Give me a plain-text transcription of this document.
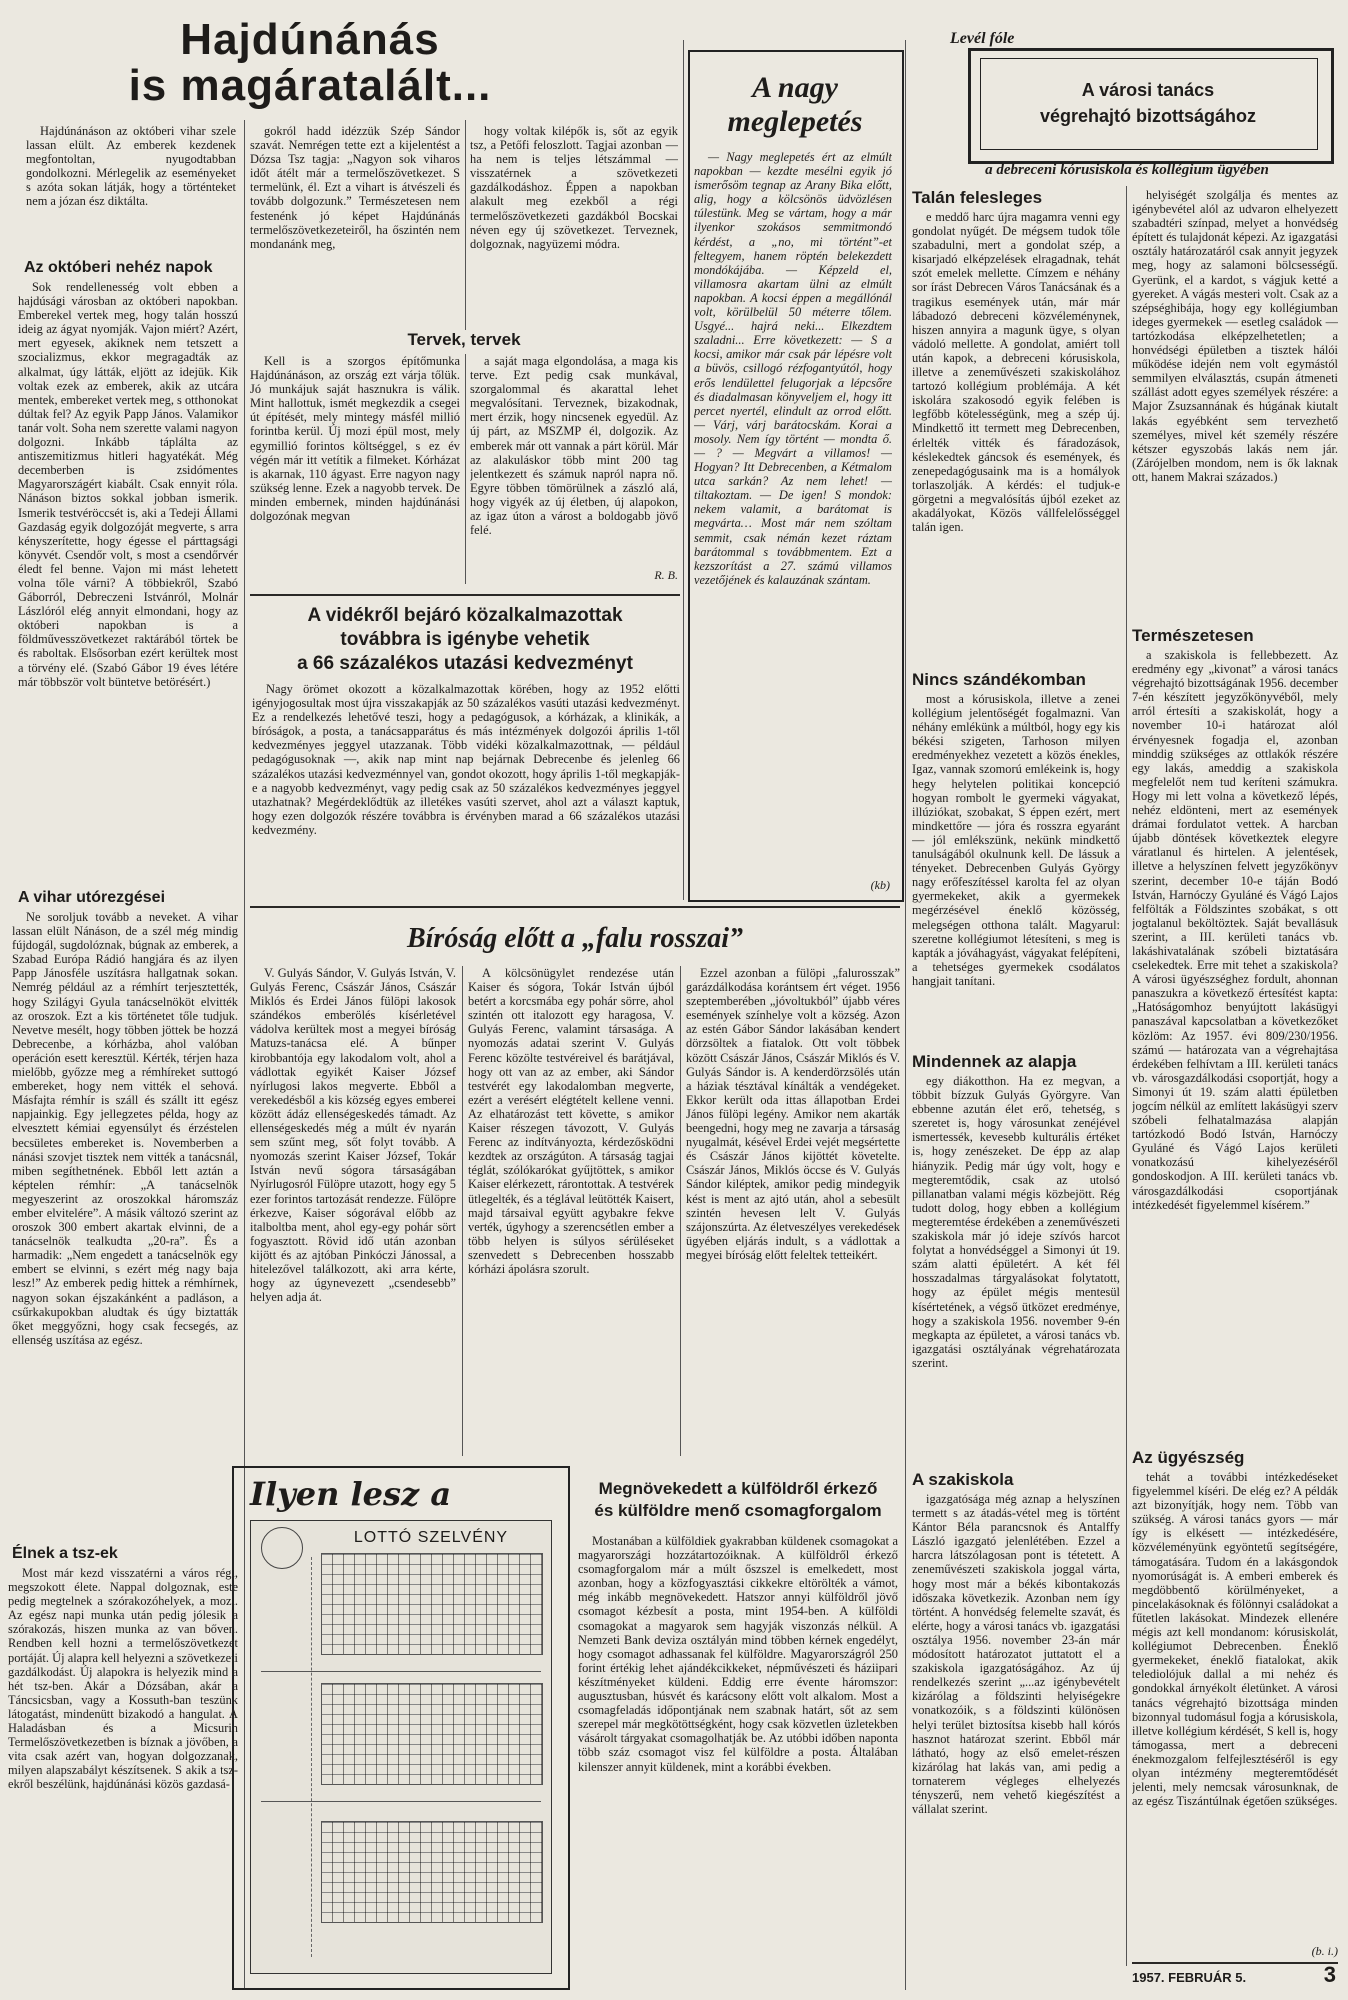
Hajdúnánás
is magáratalált...

Hajdúnánáson az októberi vihar szele lassan elült. Az emberek kezdenek megfontoltan, nyugodtabban gondolkozni. Mérlegelik az eseményeket s azóta sokan látják, hogy a történteket nem a józan ész diktálta.

Az októberi nehéz napok

Sok rendellenesség volt ebben a hajdúsági városban az októberi napokban. Emberekel vertek meg, hogy talán hosszú ideig az ágyat nyomják. Vajon miért? Azért, mert egyesek, akiknek nem tetszett a szocializmus, ekkor megragadták az alkalmat, úgy látták, eljött az idejük. Kik voltak ezek az emberek, akik az utcára mentek, embereket vertek meg, s otthonokat dúltak fel? Az egyik Papp János. Valamikor tanár volt. Soha nem szerette valami nagyon dolgozni. Inkább táplálta az antiszemitizmus hitleri hagyatékát. Még decemberben is zsidómentes Magyarországért kiabált. Csak ennyit róla. Nánáson biztos sokkal jobban ismerik. Ismerik testvéröccsét is, aki a Tedeji Állami Gazdaság egyik dolgozóját megverte, s arra kényszerítette, hogy égesse el párttagsági könyvét. Csendőr volt, s most a csendőrvér éledt fel benne. Vajon mi mást lehetett volna tőle várni? A többiekről, Szabó Gáborról, Debreczeni Istvánról, Molnár Lászlóról elég annyit elmondani, hogy az októberi napokban is a földművesszövetkezet raktárából törtek be és raboltak. Elsősorban ezért kerültek most a törvény elé. (Szabó Gábor 19 éves létére már többször volt büntetve betörésért.)

A vihar utórezgései

Ne soroljuk tovább a neveket. A vihar lassan elült Nánáson, de a szél még mindig fújdogál, sugdolóznak, búgnak az emberek, a Szabad Európa Rádió hangjára és az ilyen Papp Jánosféle uszításra hallgatnak sokan. Nemrég például az a rémhírt terjesztették, hogy Szilágyi Gyula tanácselnököt elvitték az oroszok. Ezt a kis történetet tőle tudjuk. Nevetve mesélt, hogy többen jöttek be hozzá Debrecenbe, a kórházba, ahol valóban operáción esett keresztül. Kérték, térjen haza mielőbb, győzze meg a rémhíreket suttogó embereket, hogy nem vitték el sehová. Másfajta rémhír is száll és szállt itt egész napjainkig. Egy jellegzetes példa, hogy az elvesztett kémiai egyensúlyt és érzéstelen becsületes embereket is. Novemberben a nánási szovjet tisztek nem vitték a tanácsnál, miben segíthetnének. Ebből lett aztán a képtelen rémhír: „A tanácselnök megyeszerint az oroszokkal háromszáz ember elvitelére”. A másik változó szerint az oroszok 300 embert akartak elvinni, de a tanácselnök tealkudta „20-ra”. És a harmadik: „Nem engedett a tanácselnök egy embert se elvinni, s ezért még nagy baja lesz!” Az emberek pedig hittek a rémhírnek, nagyon sokan éjszakánként a padláson, a csűrkakupokban aludtak és úgy biztatták őket meggyőzni, hogy csak fecsegés, az ellenség uszítása az egész.

Élnek a tsz-ek

Most már kezd visszatérni a város régi, megszokott élete. Nappal dolgoznak, este pedig megtelnek a szórakozóhelyek, a mozi. Az egész napi munka után pedig jólesik a szórakozás, hiszen munka az van bőven. Rendben kell hozni a termelőszövetkezet portáját. Új alapra kell helyezni a szövetkezeti gazdálkodást. Új alapokra is helyezik mind a hét tsz-ben. Akár a Dózsában, akár a Táncsicsban, vagy a Kossuth-ban teszünk látogatást, mindenütt bizakodó a hangulat. A Haladásban és a Micsurin Termelőszövetkezetben is bíznak a jövőben, a vita csak azért van, hogyan dolgozzanak, milyen alapszabályt készítsenek. S akik a tsz-ekről beszélünk, hajdúnánási közös gazdasá-

gokról hadd idézzük Szép Sándor szavát. Nemrégen tette ezt a kijelentést a Dózsa Tsz tagja: „Nagyon sok viharos időt átélt már a termelőszövetkezet. S termelünk, él. Ezt a vihart is átvészeli és tovább dolgozunk.” Természetesen nem festenénk jó képet Hajdúnánás termelőszövetkezeteiről, ha őszintén nem mondanánk meg,

hogy voltak kilépők is, sőt az egyik tsz, a Petőfi feloszlott. Tagjai azonban — ha nem is teljes létszámmal — visszatérnek a szövetkezeti gazdálkodáshoz. Éppen a napokban alakult meg ezekből a régi termelőszövetkezeti gazdákból Bocskai néven egy új szövetkezet. Terveznek, dolgoznak, nagyüzemi módra.

Tervek, tervek

Kell is a szorgos építőmunka Hajdúnánáson, az ország ezt várja tőlük. Jó munkájuk saját hasznukra is válik. Mint hallottuk, ismét megkezdik a csegei út építését, mely mintegy másfél millió forintba kerül. Új mozi épül most, mely egymillió forintos költséggel, s ez év végén már itt vetítik a filmeket. Kórházat is akarnak, 110 ágyast. Erre nagyon nagy szükség lenne. Ezek a nagyobb tervek. De minden embernek, minden hajdúnánási dolgozónak megvan

a saját maga elgondolása, a maga kis terve. Ezt pedig csak munkával, szorgalommal és akarattal lehet megvalósítani. Terveznek, bizakodnak, mert érzik, hogy nincsenek egyedül. Az új párt, az MSZMP él, dolgozik. Az emberek már ott vannak a párt körül. Már az alakuláskor több mint 200 tag jelentkezett és számuk napról napra nő. Egyre többen tömörülnek a zászló alá, hogy vigyék az új életben, új alapokon, az igaz úton a várost a boldogabb jövő felé.

R. B.
A nagy
meglepetés

— Nagy meglepetés ért az elmúlt napokban — kezdte mesélni egyik jó ismerősöm tegnap az Arany Bika előtt, alig, hogy a kölcsönös üdvözlésen túlestünk. Meg se vártam, hogy a már ilyenkor szokásos semmitmondó kérdést, a „no, mi történt”-et feltegyem, hanem röptén belekezdett mondókájába. — Képzeld el, villamosra akartam ülni az elmúlt napokban. A kocsi éppen a megállónál volt, körülbelül 50 méterre tőlem. Usgyé... hajrá neki... Elkezdtem szaladni... Erre következett: — S a kocsi, amikor már csak pár lépésre volt a büvös, csillogó rézfogantyútól, hogy erős lendülettel felugorjak a lépcsőre és diadalmasan könyveljem el, hogy itt percet nyertél, elindult az orrod előtt. — Várj, várj barátocskám. Korai a mosoly. Nem így történt — mondta ő. — ? — Megvárt a villamos! — Hogyan? Itt Debrecenben, a Kétmalom utca sarkán? Az nem lehet! — tiltakoztam. — De igen! S mondok: nekem valamit, a barátomat is megvárta… Most már nem szóltam semmit, csak némán kezet ráztam barátommal s továbbmentem. Ezt a kezszorítást a 27. számú villamos vezetőjének és kalauzának szántam.

(kb)
A vidékről bejáró közalkalmazottak
továbbra is igénybe vehetik
a 66 százalékos utazási kedvezményt

Nagy örömet okozott a közalkalmazottak körében, hogy az 1952 előtti igényjogosultak most újra visszakapják az 50 százalékos vasúti utazási kedvezményt. Ez a rendelkezés lehetővé teszi, hogy a pedagógusok, a kórházak, a klinikák, a bíróságok, a posta, a tanácsapparátus és más intézmények dolgozói április 1-től kedvezményes jeggyel utazzanak. Több vidéki közalkalmazottnak, — például pedagógusoknak —, akik nap mint nap bejárnak Debrecenbe és jelenleg 66 százalékos utazási kedvezménnyel van, gondot okozott, hogy április 1-től megkapják-e a nagyobb kedvezményt, vagy pedig csak az 50 százalékos kedvezményes jeggyel utazhatnak? Megérdeklődtük az illetékes vasúti szervet, ahol azt a választ kaptuk, hogy ezen dolgozók részére továbbra is érvényben marad a 66 százalékos utazási kedvezmény.

Bíróság előtt a „falu rosszai”

V. Gulyás Sándor, V. Gulyás István, V. Gulyás Ferenc, Császár János, Császár Miklós és Erdei János fülöpi lakosok szándékos emberölés kísérletével vádolva kerültek most a megyei bíróság Matuzs-tanácsa elé. A bűnper kirobbantója egy lakodalom volt, ahol a vádlottak egyikét Kaiser József nyírlugosi lakos megverte. Ebből a verekedésből a kis község egyes emberei között ádáz ellenségeskedés támadt. Az ellenségeskedés még a múlt év nyarán sem szűnt meg, sőt folyt tovább. A nyomozás szerint Kaiser József, Tokár István nevű sógora társaságában Nyírlugosról Fülöpre utazott, hogy egy 5 ezer forintos tartozását rendezze. Fülöpre érkezve, Kaiser sógorával előbb az italboltba ment, ahol egy-egy pohár sört fogyasztott. Rövid idő után azonban kijött és az ajtóban Pinkóczi Jánossal, a hitelezővel találkozott, aki arra kérte, hogy az úgynevezett „csendesebb” helyen adja át.

A kölcsönügylet rendezése után Kaiser és sógora, Tokár István újból betért a korcsmába egy pohár sörre, ahol szintén ott italozott egy haragosa, V. Gulyás Ferenc, valamint társasága. A nyomozás adatai szerint V. Gulyás Ferenc közölte testvéreivel és barátjával, hogy ott van az az ember, aki Sándor testvérét egy lakodalomban megverte, ezért a verésért elégtételt kellene venni. Az elhatározást tett követte, s amikor Kaiser részegen távozott, V. Gulyás Ferenc az indítványozta, kérdezősködni kezdtek az országúton. A társaság tagjai téglát, szólókarókat gyűjtöttek, s amikor Kaiser elérkezett, rárontottak. A testvérek ütlegelték, és a téglával leütötték Kaisert, majd társaival együtt agybakre fekve verték, úgyhogy a szerencsétlen ember a több helyen is súlyos sérüléseket szenvedett s Debrecenben hosszabb kórházi ápolásra szorult.

Ezzel azonban a fülöpi „falurosszak” garázdálkodása korántsem ért véget. 1956 szeptemberében „jóvoltukból” újabb véres események színhelye volt a község. Azon az estén Gábor Sándor lakásában kendert dörzsöltek a fiatalok. Ott volt többek között Császár János, Császár Miklós és V. Gulyás Sándor is. A kenderdörzsölés után a háziak tésztával kínálták a vendégeket. Ekkor került oda ittas állapotban Erdei János fülöpi legény. Amikor nem akarták beengedni, hogy meg ne zavarja a társaság nyugalmát, késével Erdei vejét megsértette és Császár János kijöttét követelte. Császár János, Miklós öccse és V. Gulyás Sándor kiléptek, amikor pedig mindegyik kést is ment az ajtó után, ahol a sebesült szintén hevesen lelt V. Gulyás szájonszúrta. Az életveszélyes verekedések ügyében eljárás indult, s a vádlottak a megyei bíróság előtt feleltek tetteikért.

Ilyen lesz a
LOTTÓ SZELVÉNY
Megnövekedett a külföldről érkező
és külföldre menő csomagforgalom

Mostanában a külföldiek gyakrabban küldenek csomagokat a magyarországi hozzátartozóiknak. A külföldről érkező csomagforgalom már a múlt őszszel is emelkedett, most azonban, hogy a közfogyasztási cikkekre eltörölték a vámot, még inkább megnövekedett. Hatszor annyi külföldről jövő csomagot kézbesít a posta, mint 1954-ben. A külföldi csomagokat a magyarok sem hagyják viszonzás nélkül. A Nemzeti Bank deviza osztályán mind többen kérnek engedélyt, hogy csomagot adhassanak fel külföldre. Magyarországról 250 forint értékig lehet ajándékcikkeket, népművészeti és háziipari készítményeket küldeni. Eddig erre évente háromszor: augusztusban, húsvét és karácsony előtt volt alkalom. Most a csomagfeladás időpontjának nem szabnak határt, sőt az sem szerepel már megkötöttségként, hogy csak közvetlen üzletekben vásárolt tárgyakat csomagolhatják be. Az utóbbi időben naponta több száz csomagot visz fel külföldre a posta. Általában kilenszer annyit küldenek, mint a korábbi években.

Levél fóle
A városi tanács
végrehajtó bizottságához
a debreceni kórusiskola és kollégium ügyében
Talán felesleges

e meddő harc újra magamra venni egy gondolat nyűgét. De mégsem tudok tőle szabadulni, mert a gondolat szép, a kisarjadó elképzelések elragadnak, tehát szót emelek mellette. Címzem e néhány sor írást Debrecen Város Tanácsának és a tragikus események után, már már lábadozó debreceni közvéleménynek, hiszen annyira a magunk ügye, s olyan vádoló mellette. A gondolat, amiért toll után kapok, a debreceni kórusiskola, illetve a zeneművészeti szakiskolához tartozó kollégium problémája. A két iskolára szakosodó egyik felében is legfőbb kötelességünk, meg a szép új. Mindkettő itt termett meg Debrecenben, érlelték vitték és fáradozások, késlekedtek gáncsok és események, és zenepedagógusaink ma is a homályok torlaszolják. A kérdés: el tudjuk-e görgetni a megvalósítás újból ezeket az akadályokat, Közös vállfelelősséggel talán igen.

Nincs szándékomban

most a kórusiskola, illetve a zenei kollégium jelentőségét fogalmazni. Van néhány emlékünk a múltból, hogy egy kis békési szigeten, Tarhoson milyen eredményekhez vezetett a közös énekles, Igaz, vannak szomorú emlékeink is, hogy hegy helytelen politikai koncepció hogyan rombolt le gyermeki vágyakat, illúziókat, szobakat, S éppen ezért, mert mindkettőre — jóra és rosszra egyaránt — jól emlékszünk, nekünk mindkettő tanulságából okulnunk kell. De lássuk a tényeket. Debrecenben Gulyás György nagy erőfeszítéssel karolta fel az olyan gyermekeket, akik a gyermekek megérzésével éneklő közösség, melegségen otthona talált. Magyarul: szeretne kollégiumot létesíteni, s meg is kapták a jóváhagyást, vágyakat felépíteni, a tehetséges gyermekek csodálatos hangjait tanítani.

Mindennek az alapja

egy diákotthon. Ha ez megvan, a többit bízzuk Gulyás Györgyre. Van ebbenne azután élet erő, tehetség, s szeretet is, hogy városunkat zenéjével ismertessék, kevesebb kulturális értéket is, hogy zenészeket. De épp az alap hiányzik. Pedig már úgy volt, hogy e megteremtődik, csak az utolsó pillanatban valami mégis közbejött. Rég tudott dolog, hogy ebben a kollégium megteremtése érdekében a zeneművészeti szakiskola már jó ideje szívós harcot folytat a honvédséggel a Simonyi út 19. szám alatti épületért. A két fél hosszadalmas tárgyalásokat folytatott, hogy az épület mégis mentesül kísértetének, a végső ütközet eredménye, hogy a szakiskola 1956. november 9-én megkapta az épületet, a városi tanács vb. igazgatási osztályának végrehatározata szerint.

A szakiskola

igazgatósága még aznap a helyszínen termett s az átadás-vétel meg is történt Kántor Béla parancsnok és Antalffy László igazgató jelenlétében. Ezzel a harcra látszólagosan pont is tétetett. A zeneművészeti szakiskola joggal várta, hogy most már a békés kibontakozás időszaka következik. Azonban nem így történt. A honvédség felemelte szavát, és elérte, hogy a városi tanács vb. igazgatási osztálya 1956. november 23-án már módosított határozatot juttatott el a szakiskola igazgatóságához. Az új rendelkezés szerint „...az igénybevételt kizárólag a földszinti helyiségekre vonatkozóik, s a földszinti különösen helyi terület biztosítsa kisebb hall kórós hasznot határozat szerint. Ebből már látható, hogy az első emelet-részen kizárólag hat lakás van, ami pedig a tornaterem végleges elhelyezés tényszerű, nem vehető kiegészítést a vállalat szerint.

helyiségét szolgálja és mentes az igénybevétel alól az udvaron elhelyezett szabadtéri színpad, melyet a honvédség épített és tulajdonát képezi. Az igazgatási osztály határozatáról csak annyit jegyzek meg, hogy az salamoni bölcsességű. Gyerünk, el a kardot, s vágjuk ketté a gyereket. A vágás mesteri volt. Csak az a szépséghibája, hogy egy kollégiumban ideges gyermekek — esetleg családok — tartózkodása elképzelhetetlen; a honvédségi épületben a tisztek hálói működése idején nem volt egymástól semmilyen elválasztás, csupán átmeneti szállást adott egyes személyek részére: a Major Zsuzsannának és húgának kiutalt lakás egyébként sem tervezhető személyes, mivel két személy részére kétszer egyszobás lakás nem jár. (Zárójelben mondom, nem is ők laknak ott, hanem Makrai százados.)

Természetesen

a szakiskola is fellebbezett. Az eredmény egy „kivonat” a városi tanács végrehajtó bizottságának 1956. december 7-én készített jegyzőkönyvéből, mely arról értesíti a szakiskolát, hogy a november 10-i határozat alól érvényesnek fogadja el, azonban minddig szükséges az ottlakók részére egy lakás, ameddig a szakiskola megfelelőt nem tud keríteni számukra. Hogy mi lett volna a következő lépés, nehéz eldönteni, mert az események drámai fordulatot vettek. A harcban újabb döntések következtek elegyre váratlanul és hirtelen. A jelentések, illetve a helyszínen felvett jegyzőkönyv szerint, december 10-e táján Bodó István, Harnóczy Gyuláné és Vágó Lajos felfölták a Földszintes szobákat, s ott jogtalanul beköltöztek. Saját bevallásuk szerint, a III. kerületi tanács vb. lakáshivatalának szóbeli biztatására cselekedtek. Erre mit tehet a szakiskola? A városi ügyészséghez fordult, ahonnan panaszukra a következő értesítést kapta: „Hatóságomhoz benyújtott lakásügyi panaszával kapcsolatban a következőket közlöm: Az 1957. évi 809/230/1956. számú — határozata van a végrehajtása érdekében felhívtam a III. kerületi tanács vb. városgazdálkodási csoportját, hogy a Simonyi út 19. szám alatti épületben jogcím nélkül az említett lakásügyi szerv szóbeli felhatalmazása alapján tartózkodó Bodó István, Harnóczy Gyuláné és Vágó Lajos kerületi vonatkozású kihelyezéséről gondoskodjon. A III. kerületi tanács vb. városgazdálkodási csoportjának intézkedését figyelemmel kísérem.”

Az ügyészség

tehát a további intézkedéseket figyelemmel kíséri. De elég ez? A példák azt bizonyítják, hogy nem. Több van szükség. A városi tanács gyors — már így is elkésett — intézkedésére, közvéleményünk egyöntetű segítségére, támogatására. Tudom én a lakásgondok nyomorúságát is. A emberi emberek és megdöbbentő körülményeket, a pincelakásoknak és fölönnyi családokat a fűtetlen lakásokat. Mindezek ellenére mégis azt kell mondanom: kórusiskolát, kollégiumot Debrecenben. Éneklő gyermekeket, éneklő fiatalokat, akik telediolójuk dallal a mi nehéz és gondokkal árnyékolt életünket. A városi tanács végrehajtó bizottsága minden bizonnyal tudomásul fogja a kórusiskola, illetve kollégium kérdését, S kell is, hogy támogassa, mert a debreceni énekmozgalom felfejlesztéséről is egy olyan intézmény megteremtődését jelenti, mely nemcsak városunknak, de az egész Tiszántúlnak égetően szükséges.

(b. i.)
1957. FEBRUÁR 5.	3
